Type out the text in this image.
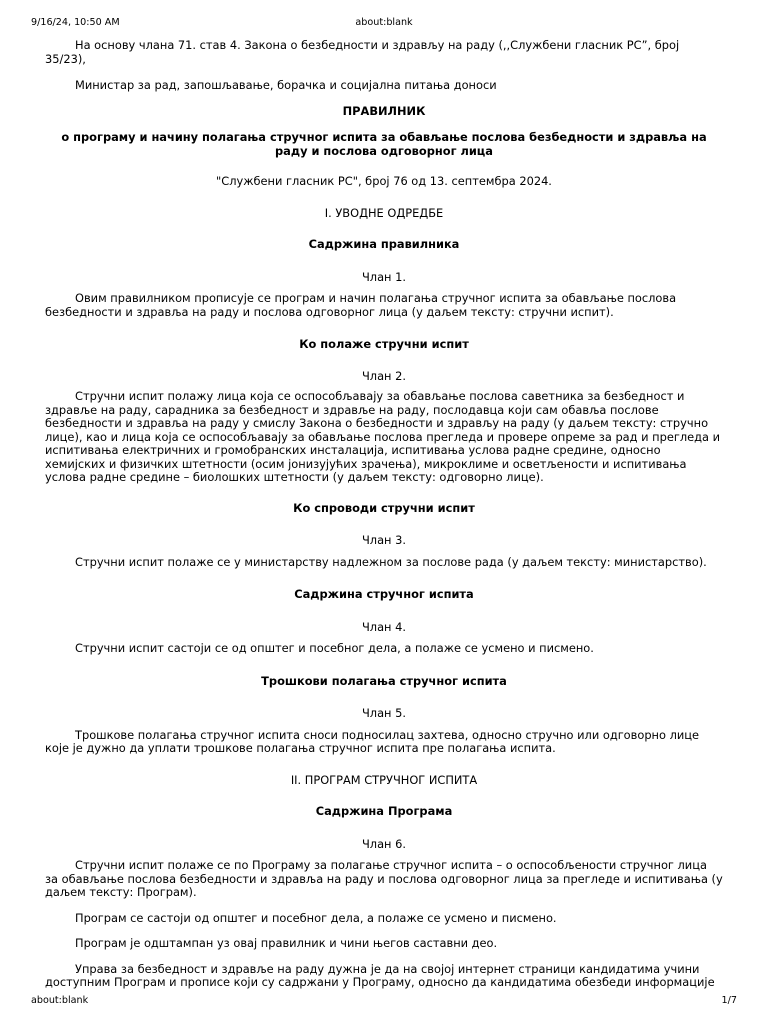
9/16/24, 10:50 AM	about:blank

На основу члана 71. став 4. Закона о безбедности и здрављу на раду (,,Службени гласник РС”, број 35/23),

Министар за рад, запошљавање, борачка и социјална питања доноси

ПРАВИЛНИК

о програму и начину полагања стручног испита за обављање послова безбедности и здравља на раду и послова одговорног лица

"Службени гласник РС", број 76 од 13. септембра 2024.

I. УВОДНЕ ОДРЕДБЕ

Садржина правилника

Члан 1.

Овим правилником прописује се програм и начин полагања стручног испита за обављање послова безбедности и здравља на раду и послова одговорног лица (у даљем тексту: стручни испит).

Ко полаже стручни испит

Члан 2.

Стручни испит полажу лица која се оспособљавају за обављање послова саветника за безбедност и здравље на раду, сарадника за безбедност и здравље на раду, послодавца који сам обавља послове безбедности и здравља на раду у смислу Закона о безбедности и здрављу на раду (у даљем тексту: стручно лице), као и лица која се оспособљавају за обављање послова прегледа и провере опреме за рад и прегледа и испитивања електричних и громобранских инсталација, испитивања услова радне средине, односно хемијских и физичких штетности (осим јонизујућих зрачења), микроклиме и осветљености и испитивања услова радне средине – биолошких штетности (у даљем тексту: одговорно лице).

Ко спроводи стручни испит

Члан 3.

Стручни испит полаже се у министарству надлежном за послове рада (у даљем тексту: министарство).

Садржина стручног испита

Члан 4.

Стручни испит састоји се од општег и посебног дела, а полаже се усмено и писмено.

Трошкови полагања стручног испита

Члан 5.

Трошкове полагања стручног испита сноси подносилац захтева, односно стручно или одговорно лице које је дужно да уплати трошкове полагања стручног испита пре полагања испита.

II. ПРОГРАМ СТРУЧНОГ ИСПИТА

Садржина Програма

Члан 6.

Стручни испит полаже се по Програму за полагање стручног испита – о оспособљености стручног лица за обављање послова безбедности и здравља на раду и послова одговорног лица за прегледе и испитивања (у даљем тексту: Програм).

Програм се састоји од општег и посебног дела, а полаже се усмено и писмено.

Програм је одштампан уз овај правилник и чини његов саставни део.

Управа за безбедност и здравље на раду дужна је да на својој интернет страници кандидатима учини доступним Програм и прописе који су садржани у Програму, односно да кандидатима обезбеди информације

about:blank	1/7
